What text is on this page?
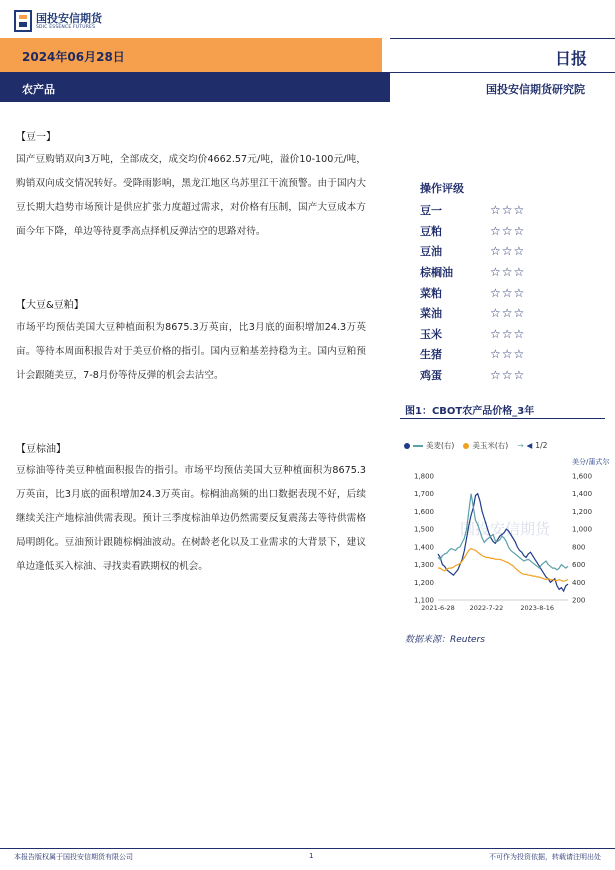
国投安信期货
SDIC ESSENCE FUTURES
2024年06月28日	日报
农产品	国投安信期货研究院
【豆一】
国产豆购销双向3万吨，全部成交，成交均价4662.57元/吨，溢价10-100元/吨，购销双向成交情况转好。受降雨影响，黑龙江地区乌苏里江干流预警。由于国内大豆长期大趋势市场预计是供应扩张力度超过需求，对价格有压制，国产大豆成本方面今年下降，单边等待夏季高点择机反弹沽空的思路对待。
【大豆&豆粕】
市场平均预估美国大豆种植面积为8675.3万英亩，比3月底的面积增加24.3万英亩。等待本周面积报告对于美豆价格的指引。国内豆粕基差持稳为主。国内豆粕预计会跟随美豆，7-8月份等待反弹的机会去沽空。
【豆棕油】
豆棕油等待美豆种植面积报告的指引。市场平均预估美国大豆种植面积为8675.3万英亩，比3月底的面积增加24.3万英亩。棕榈油高频的出口数据表现不好，后续继续关注产地棕油供需表现。预计三季度棕油单边仍然需要反复震荡去等待供需格局明朗化。豆油预计跟随棕榈油波动。在树龄老化以及工业需求的大背景下，建议单边逢低买入棕油、寻找卖看跌期权的机会。
操作评级
豆一	☆☆☆
豆粕	☆☆☆
豆油	☆☆☆
棕榈油	☆☆☆
菜粕	☆☆☆
菜油	☆☆☆
玉米	☆☆☆
生猪	☆☆☆
鸡蛋	☆☆☆
图1：CBOT农产品价格_3年
美麦(右) 美玉米(右) → ◀ 1/2
国投安信期货
美分/蒲式尔
1,100
1,200
1,300
1,400
1,500
1,600
1,700
1,800
200
400
600
800
1,000
1,200
1,400
1,600
2021-6-28 2022-7-22	2023-8-16
数据来源：Reuters
本报告版权属于国投安信期货有限公司	1	不可作为投资依据，转载请注明出处
